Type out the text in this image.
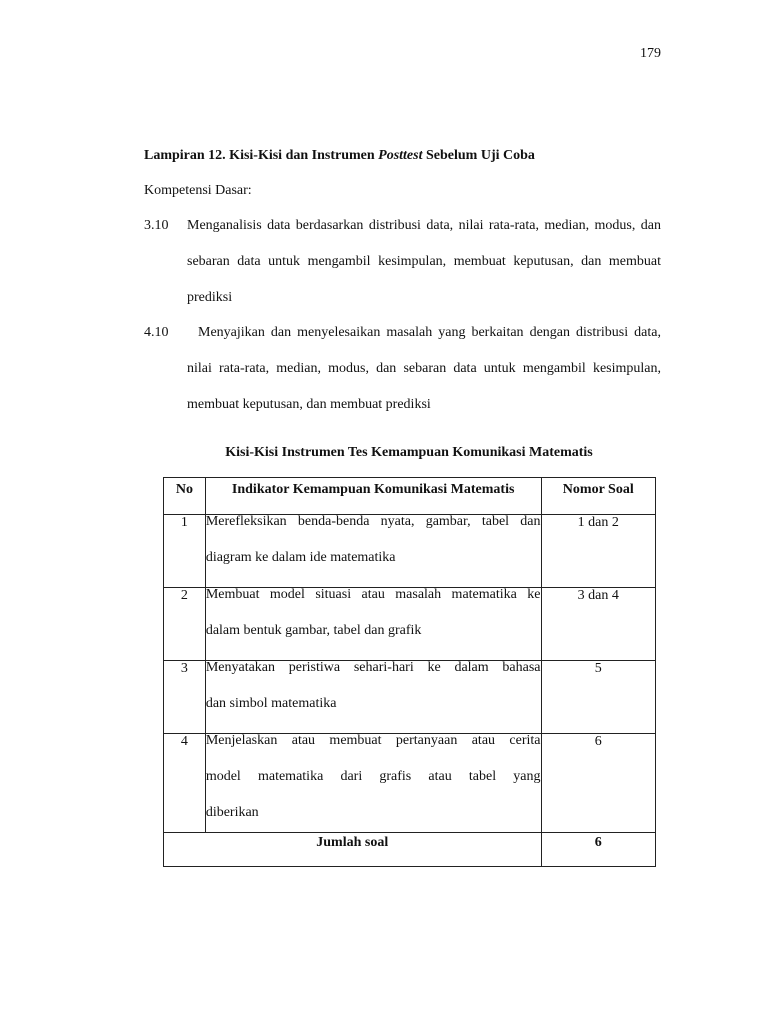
179
Lampiran 12. Kisi-Kisi dan Instrumen Posttest Sebelum Uji Coba
Kompetensi Dasar:
3.10 Menganalisis data berdasarkan distribusi data, nilai rata-rata, median, modus, dan
sebaran data untuk mengambil kesimpulan, membuat keputusan, dan membuat
prediksi
4.10 Menyajikan dan menyelesaikan masalah yang berkaitan dengan distribusi data,
nilai rata-rata, median, modus, dan sebaran data untuk mengambil kesimpulan,
membuat keputusan, dan membuat prediksi
Kisi-Kisi Instrumen Tes Kemampuan Komunikasi Matematis
No	Indikator Kemampuan Komunikasi Matematis	Nomor Soal
1	Merefleksikan benda-benda nyata, gambar, tabel dan
diagram ke dalam ide matematika	1 dan 2
2	Membuat model situasi atau masalah matematika ke
dalam bentuk gambar, tabel dan grafik	3 dan 4
3	Menyatakan peristiwa sehari-hari ke dalam bahasa
dan simbol matematika	5
4	Menjelaskan atau membuat pertanyaan atau cerita
model matematika dari grafis atau tabel yang
diberikan	6
Jumlah soal		6
